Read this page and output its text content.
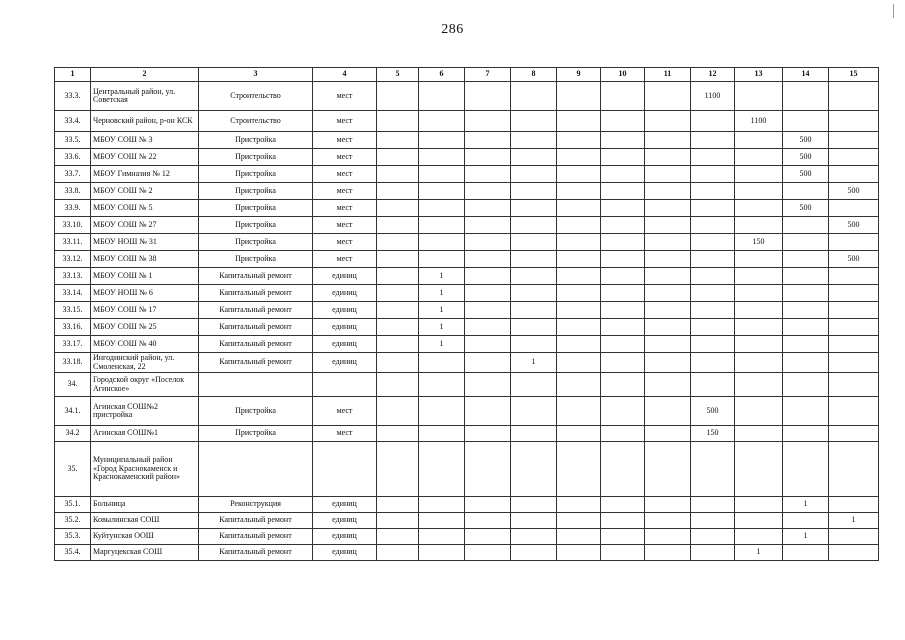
286
1	2	3	4	5	6	7	8	9	10	11	12	13	14	15
33.3.	Центральный район, ул. Советская	Строительство	мест								1100			
33.4.	Черновский район, р-он КСК	Строительство	мест									1100		
33.5.	МБОУ СОШ № 3	Пристройка	мест										500	
33.6.	МБОУ СОШ № 22	Пристройка	мест										500	
33.7.	МБОУ Гимназия № 12	Пристройка	мест										500	
33.8.	МБОУ СОШ № 2	Пристройка	мест											500
33.9.	МБОУ СОШ № 5	Пристройка	мест										500	
33.10.	МБОУ СОШ № 27	Пристройка	мест											500
33.11.	МБОУ НОШ № 31	Пристройка	мест									150		
33.12.	МБОУ СОШ № 38	Пристройка	мест											500
33.13.	МБОУ СОШ № 1	Капитальный ремонт	единиц		1									
33.14.	МБОУ НОШ № 6	Капитальный ремонт	единиц		1									
33.15.	МБОУ СОШ № 17	Капитальный ремонт	единиц		1									
33.16.	МБОУ СОШ № 25	Капитальный ремонт	единиц		1									
33.17.	МБОУ СОШ № 40	Капитальный ремонт	единиц		1									
33.18.	Ингодинский район, ул. Смоленская, 22	Капитальный ремонт	единиц				1							
34.	Городской округ «Поселок Агинское»													
34.1.	Агинская СОШ№2 пристройка	Пристройка	мест								500			
34.2	Агинская СОШ№1	Пристройка	мест								150			
35.	Муниципальный район «Город Краснокаменск и Краснокаменский район»													
35.1.	Больница	Реконструкция	единиц										1	
35.2.	Ковылинская СОШ	Капитальный ремонт	единиц											1
35.3.	Куйтунская ООШ	Капитальный ремонт	единиц										1	
35.4.	Маргуцекская СОШ	Капитальный ремонт	единиц									1		
